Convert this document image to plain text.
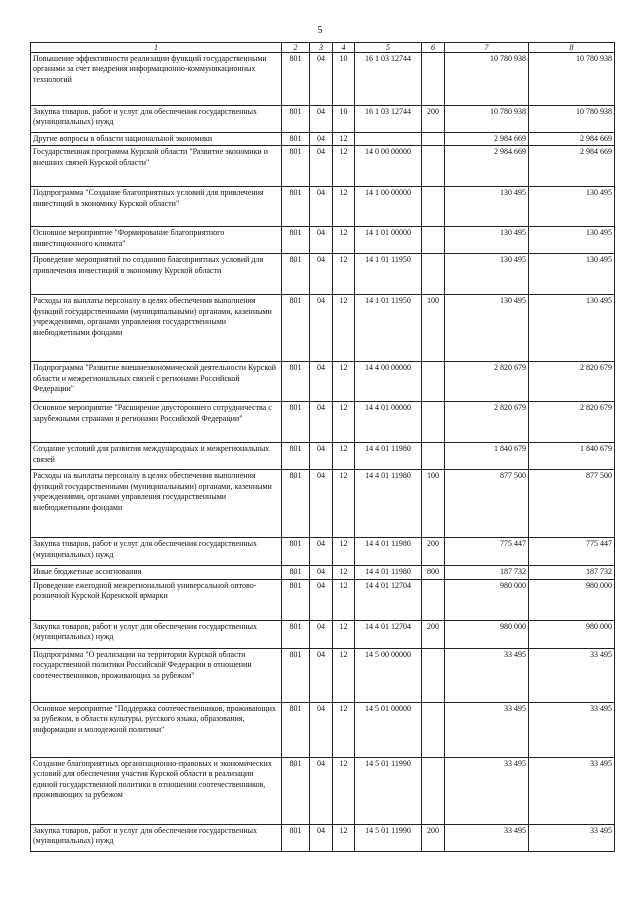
5
1	2	3	4	5	6	7	8
Повышение эффективности реализации функций государственными органами за счет внедрения информационно-коммуникационных технологий	801	04	10	16 1 03 12744		10 780 938	10 780 938
Закупка товаров, работ и услуг для обеспечения государственных (муниципальных) нужд	801	04	10	16 1 03 12744	200	10 780 938	10 780 938
Другие вопросы в области национальной экономики	801	04	12			2 984 669	2 984 669
Государственная программа Курской области "Развитие экономики и внешних связей Курской области"	801	04	12	14 0 00 00000		2 984 669	2 984 669
Подпрограмма "Создание благоприятных условий для привлечения инвестиций в экономику Курской области"	801	04	12	14 1 00 00000		130 495	130 495
Основное мероприятие "Формирование благоприятного инвестиционного климата"	801	04	12	14 1 01 00000		130 495	130 495
Проведение мероприятий по созданию благоприятных условий для привлечения инвестиций в экономику Курской области	801	04	12	14 1 01 11950		130 495	130 495
Расходы на выплаты персоналу в целях обеспечения выполнения функций государственными (муниципальными) органами, казенными учреждениями, органами управления государственными внебюджетными фондами	801	04	12	14 1 01 11950	100	130 495	130 495
Подпрограмма "Развитие внешнеэкономической деятельности Курской области и межрегиональных связей с регионами Российской Федерации"	801	04	12	14 4 00 00000		2 820 679	2 820 679
Основное мероприятие "Расширение двустороннего сотрудничества с зарубежными странами и регионами Российской Федерации"	801	04	12	14 4 01 00000		2 820 679	2 820 679
Создание условий для развития международных и межрегиональных связей	801	04	12	14 4 01 11980		1 840 679	1 840 679
Расходы на выплаты персоналу в целях обеспечения выполнения функций государственными (муниципальными) органами, казенными учреждениями, органами управления государственными внебюджетными фондами	801	04	12	14 4 01 11980	100	877 500	877 500
Закупка товаров, работ и услуг для обеспечения государственных (муниципальных) нужд	801	04	12	14 4 01 11980	200	775 447	775 447
Иные бюджетные ассигнования	801	04	12	14 4 01 11980	800	187 732	187 732
Проведение ежегодной межрегиональной универсальной оптово-розничной Курской Коренской ярмарки	801	04	12	14 4 01 12704		980 000	980 000
Закупка товаров, работ и услуг для обеспечения государственных (муниципальных) нужд	801	04	12	14 4 01 12704	200	980 000	980 000
Подпрограмма "О реализации на территории Курской области государственной политики Российской Федерации в отношении соотечественников, проживающих за рубежом"	801	04	12	14 5 00 00000		33 495	33 495
Основное мероприятие "Поддержка соотечественников, проживающих за рубежом, в области культуры, русского языка, образования, информации и молодежной политики"	801	04	12	14 5 01 00000		33 495	33 495
Создание благоприятных организационно-правовых и экономических условий для обеспечения участия Курской области в реализации единой государственной политики в отношении соотечественников, проживающих за рубежом	801	04	12	14 5 01 11990		33 495	33 495
Закупка товаров, работ и услуг для обеспечения государственных (муниципальных) нужд	801	04	12	14 5 01 11990	200	33 495	33 495
